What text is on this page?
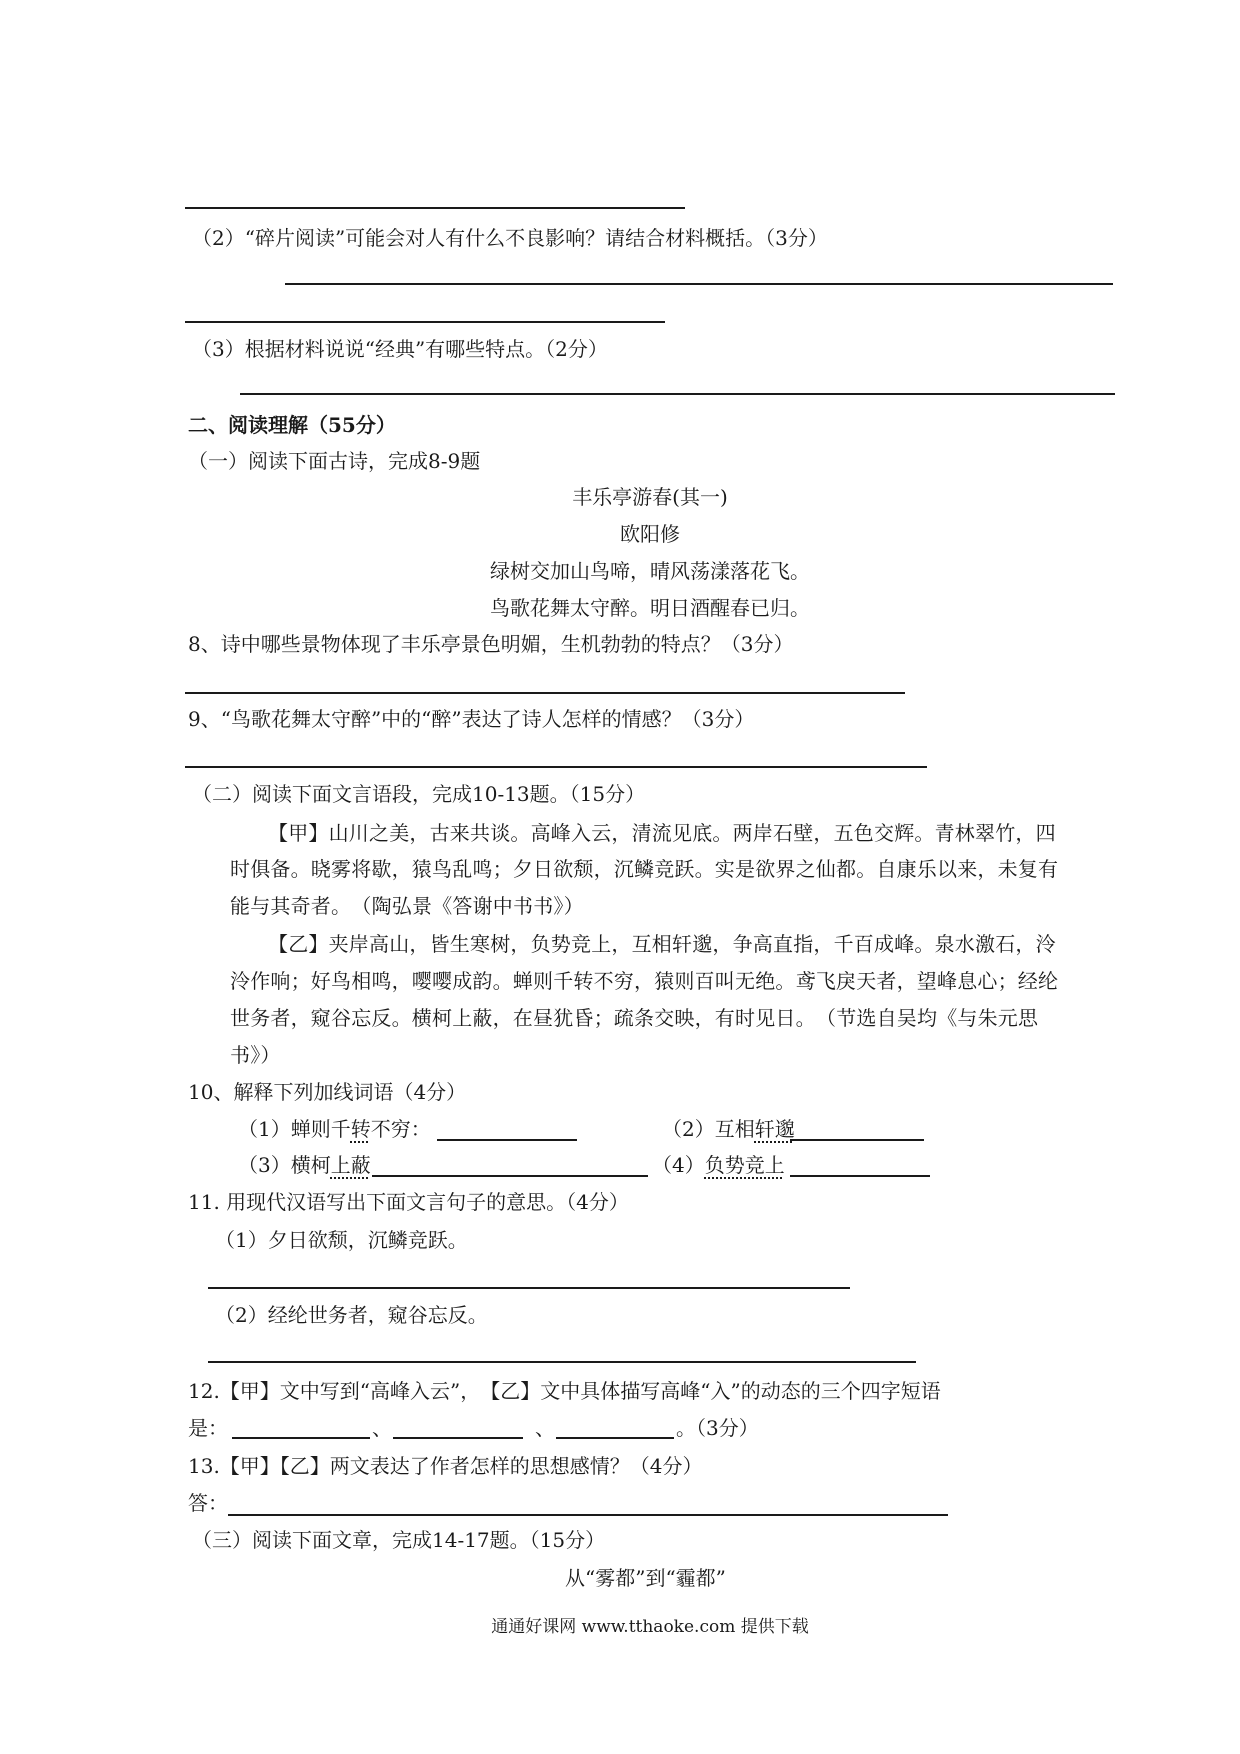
（2）“碎片阅读”可能会对人有什么不良影响？请结合材料概括。（3分）
（3）根据材料说说“经典”有哪些特点。（2分）
二、阅读理解（55分）
（一）阅读下面古诗，完成8-9题
丰乐亭游春(其一)
欧阳修
绿树交加山鸟啼，晴风荡漾落花飞。
鸟歌花舞太守醉。明日酒醒春已归。
8、诗中哪些景物体现了丰乐亭景色明媚，生机勃勃的特点？（3分）
9、“鸟歌花舞太守醉”中的“醉”表达了诗人怎样的情感？（3分）
（二）阅读下面文言语段，完成10-13题。（15分）
【甲】山川之美，古来共谈。高峰入云，清流见底。两岸石壁，五色交辉。青林翠竹，四
时俱备。晓雾将歇，猿鸟乱鸣；夕日欲颓，沉鳞竞跃。实是欲界之仙都。自康乐以来，未复有
能与其奇者。　（陶弘景《答谢中书书》）
【乙】夹岸高山，皆生寒树，负势竞上，互相轩邈，争高直指，千百成峰。泉水激石，泠
泠作响；好鸟相鸣，嘤嘤成韵。蝉则千转不穷，猿则百叫无绝。鸢飞戾天者，望峰息心；经纶
世务者，窥谷忘反。横柯上蔽，在昼犹昏；疏条交映，有时见日。　（节选自吴均《与朱元思
书》）
10、解释下列加线词语（4分）
（1）蝉则千转不穷：	（2）互相轩邈
（3）横柯上蔽	（4）负势竞上
11. 用现代汉语写出下面文言句子的意思。（4分）
（1）夕日欲颓，沉鳞竞跃。
（2）经纶世务者，窥谷忘反。
12.【甲】文中写到“高峰入云”，　【乙】文中具体描写高峰“入”的动态的三个四字短语
是：	、	、	。（3分）
13.【甲】【乙】两文表达了作者怎样的思想感情？（4分）
答：
（三）阅读下面文章，完成14-17题。（15分）
从“雾都”到“霾都”
通通好课网 www.tthaoke.com 提供下载
